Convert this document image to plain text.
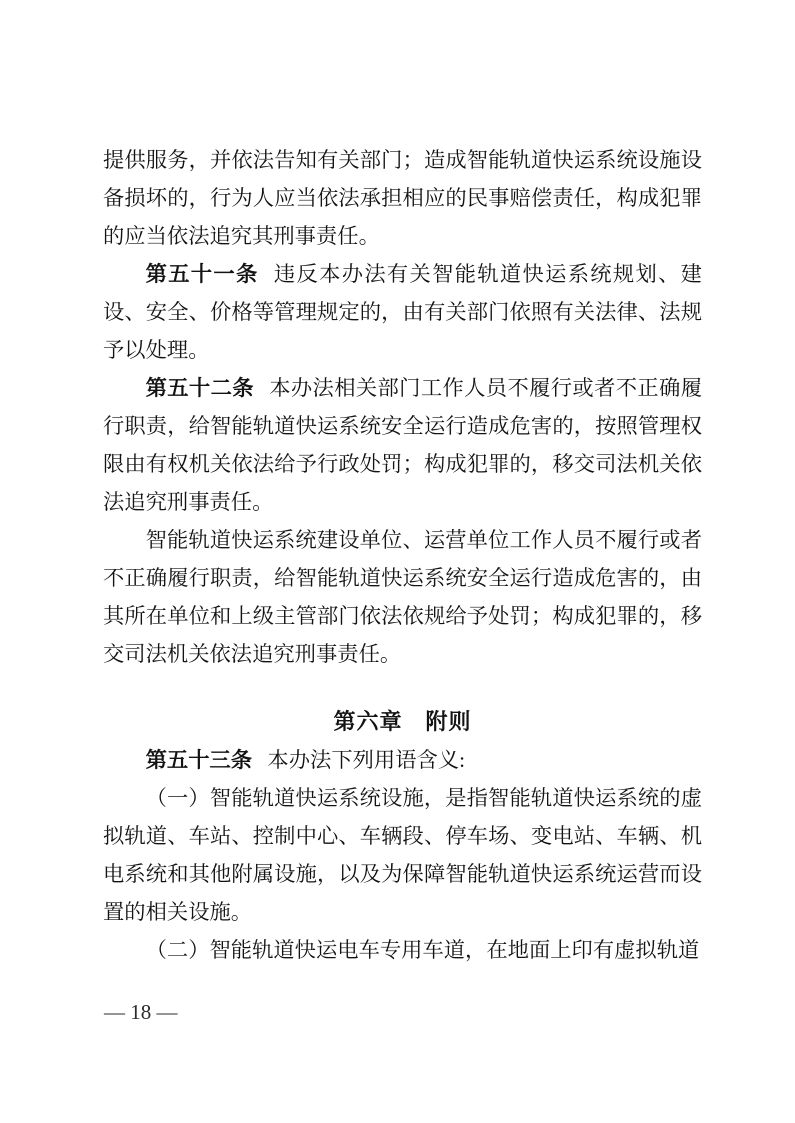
提供服务，并依法告知有关部门；造成智能轨道快运系统设施设备损坏的，行为人应当依法承担相应的民事赔偿责任，构成犯罪的应当依法追究其刑事责任。

第五十一条 违反本办法有关智能轨道快运系统规划、建设、安全、价格等管理规定的，由有关部门依照有关法律、法规予以处理。

第五十二条 本办法相关部门工作人员不履行或者不正确履行职责，给智能轨道快运系统安全运行造成危害的，按照管理权限由有权机关依法给予行政处罚；构成犯罪的，移交司法机关依法追究刑事责任。

智能轨道快运系统建设单位、运营单位工作人员不履行或者不正确履行职责，给智能轨道快运系统安全运行造成危害的，由其所在单位和上级主管部门依法依规给予处罚；构成犯罪的，移交司法机关依法追究刑事责任。

第六章　附则

第五十三条 本办法下列用语含义:

（一）智能轨道快运系统设施，是指智能轨道快运系统的虚拟轨道、车站、控制中心、车辆段、停车场、变电站、车辆、机电系统和其他附属设施，以及为保障智能轨道快运系统运营而设置的相关设施。

（二）智能轨道快运电车专用车道，在地面上印有虚拟轨道

— 18 —
